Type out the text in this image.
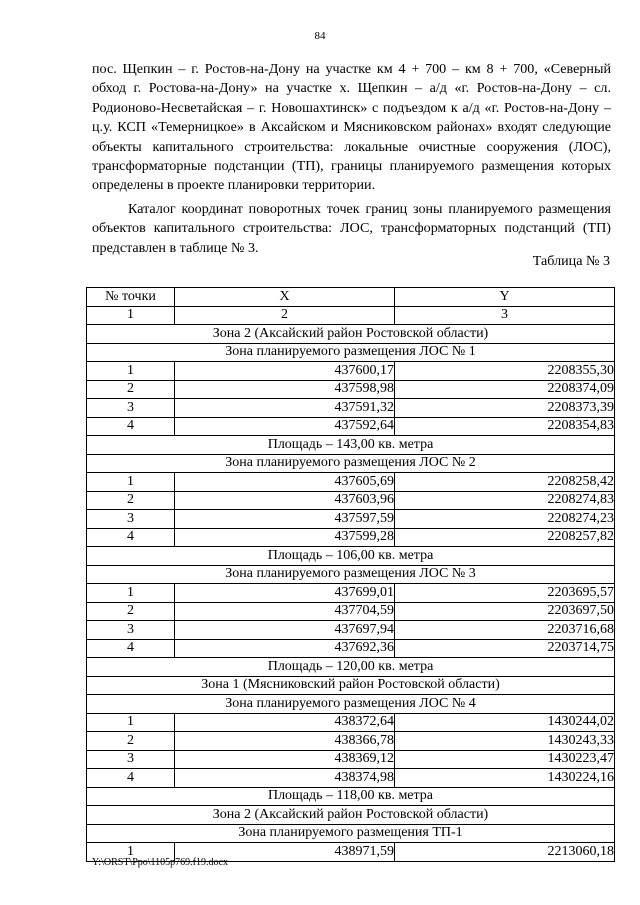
84
пос. Щепкин – г. Ростов-на-Дону на участке км 4 + 700 – км 8 + 700, «Северный обход г. Ростова-на-Дону» на участке х. Щепкин – а/д «г. Ростов-на-Дону – сл. Родионово-Несветайская – г. Новошахтинск» с подъездом к а/д «г. Ростов-на-Дону – ц.у. КСП «Темерницкое» в Аксайском и Мясниковском районах» входят следующие объекты капитального строительства: локальные очистные сооружения (ЛОС), трансформаторные подстанции (ТП), границы планируемого размещения которых определены в проекте планировки территории.
Каталог координат поворотных точек границ зоны планируемого размещения объектов капитального строительства: ЛОС, трансформаторных подстанций (ТП) представлен в таблице № 3.
Таблица № 3
№ точки	X	Y
1	2	3
Зона 2 (Аксайский район Ростовской области)		
Зона планируемого размещения ЛОС № 1		
1	437600,17	2208355,30
2	437598,98	2208374,09
3	437591,32	2208373,39
4	437592,64	2208354,83
Площадь – 143,00 кв. метра		
Зона планируемого размещения ЛОС № 2		
1	437605,69	2208258,42
2	437603,96	2208274,83
3	437597,59	2208274,23
4	437599,28	2208257,82
Площадь – 106,00 кв. метра		
Зона планируемого размещения ЛОС № 3		
1	437699,01	2203695,57
2	437704,59	2203697,50
3	437697,94	2203716,68
4	437692,36	2203714,75
Площадь – 120,00 кв. метра		
Зона 1 (Мясниковский район Ростовской области)		
Зона планируемого размещения ЛОС № 4		
1	438372,64	1430244,02
2	438366,78	1430243,33
3	438369,12	1430223,47
4	438374,98	1430224,16
Площадь – 118,00 кв. метра		
Зона 2 (Аксайский район Ростовской области)		
Зона планируемого размещения ТП-1		
1	438971,59	2213060,18
Y:\ORST\Ppo\1105p769.f19.docx
